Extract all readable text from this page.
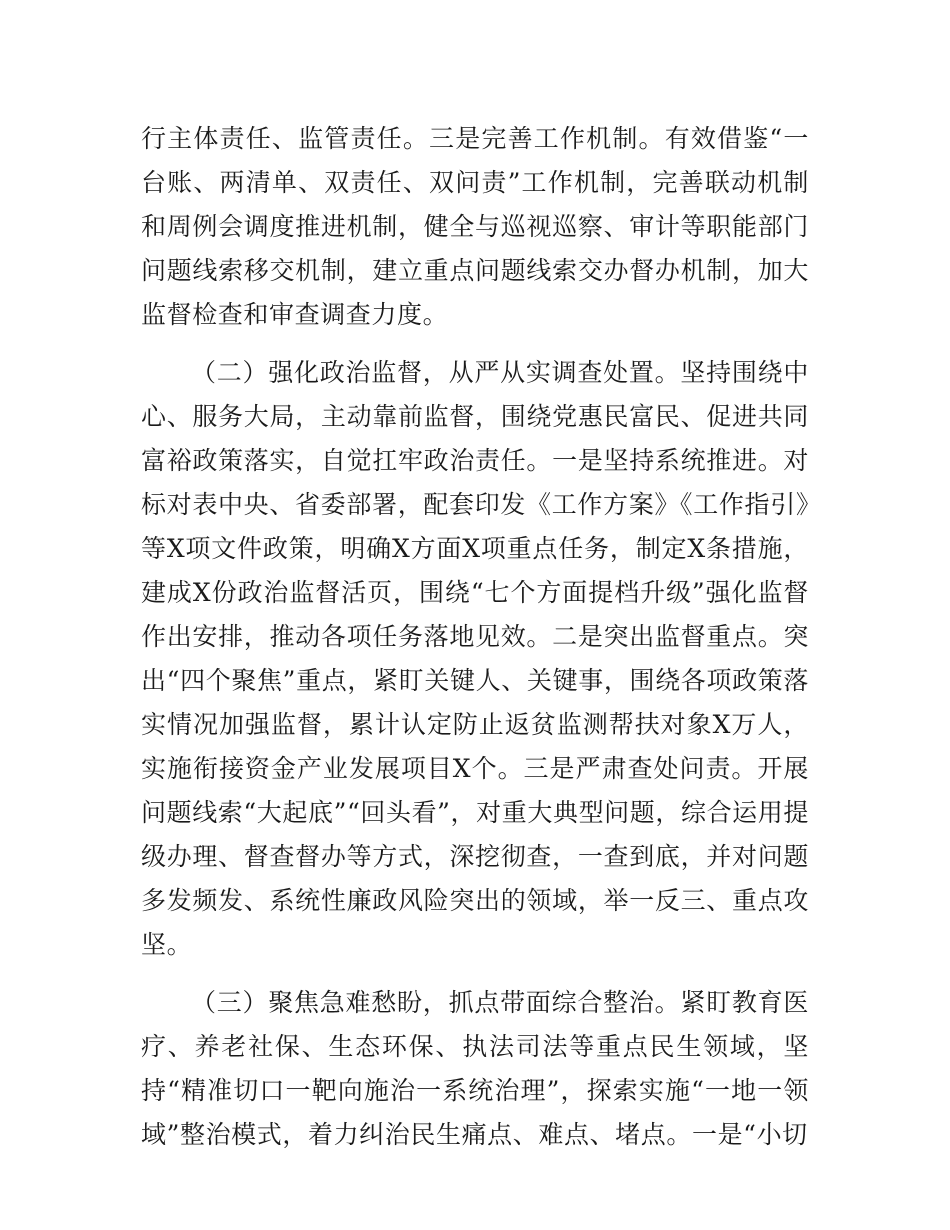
行主体责任、监管责任。三是完善工作机制。有效借鉴“一台账、两清单、双责任、双问责”工作机制，完善联动机制和周例会调度推进机制，健全与巡视巡察、审计等职能部门问题线索移交机制，建立重点问题线索交办督办机制，加大监督检查和审查调查力度。

（二）强化政治监督，从严从实调查处置。坚持围绕中心、服务大局，主动靠前监督，围绕党惠民富民、促进共同富裕政策落实，自觉扛牢政治责任。一是坚持系统推进。对标对表中央、省委部署，配套印发《工作方案》《工作指引》等X项文件政策，明确X方面X项重点任务，制定X条措施，建成X份政治监督活页，围绕“七个方面提档升级”强化监督作出安排，推动各项任务落地见效。二是突出监督重点。突出“四个聚焦”重点，紧盯关键人、关键事，围绕各项政策落实情况加强监督，累计认定防止返贫监测帮扶对象X万人，实施衔接资金产业发展项目X个。三是严肃查处问责。开展问题线索“大起底”“回头看”，对重大典型问题，综合运用提级办理、督查督办等方式，深挖彻查，一查到底，并对问题多发频发、系统性廉政风险突出的领域，举一反三、重点攻坚。

（三）聚焦急难愁盼，抓点带面综合整治。紧盯教育医疗、养老社保、生态环保、执法司法等重点民生领域，坚持“精准切口一靶向施治一系统治理”，探索实施“一地一领域”整治模式，着力纠治民生痛点、难点、堵点。一是“小切
